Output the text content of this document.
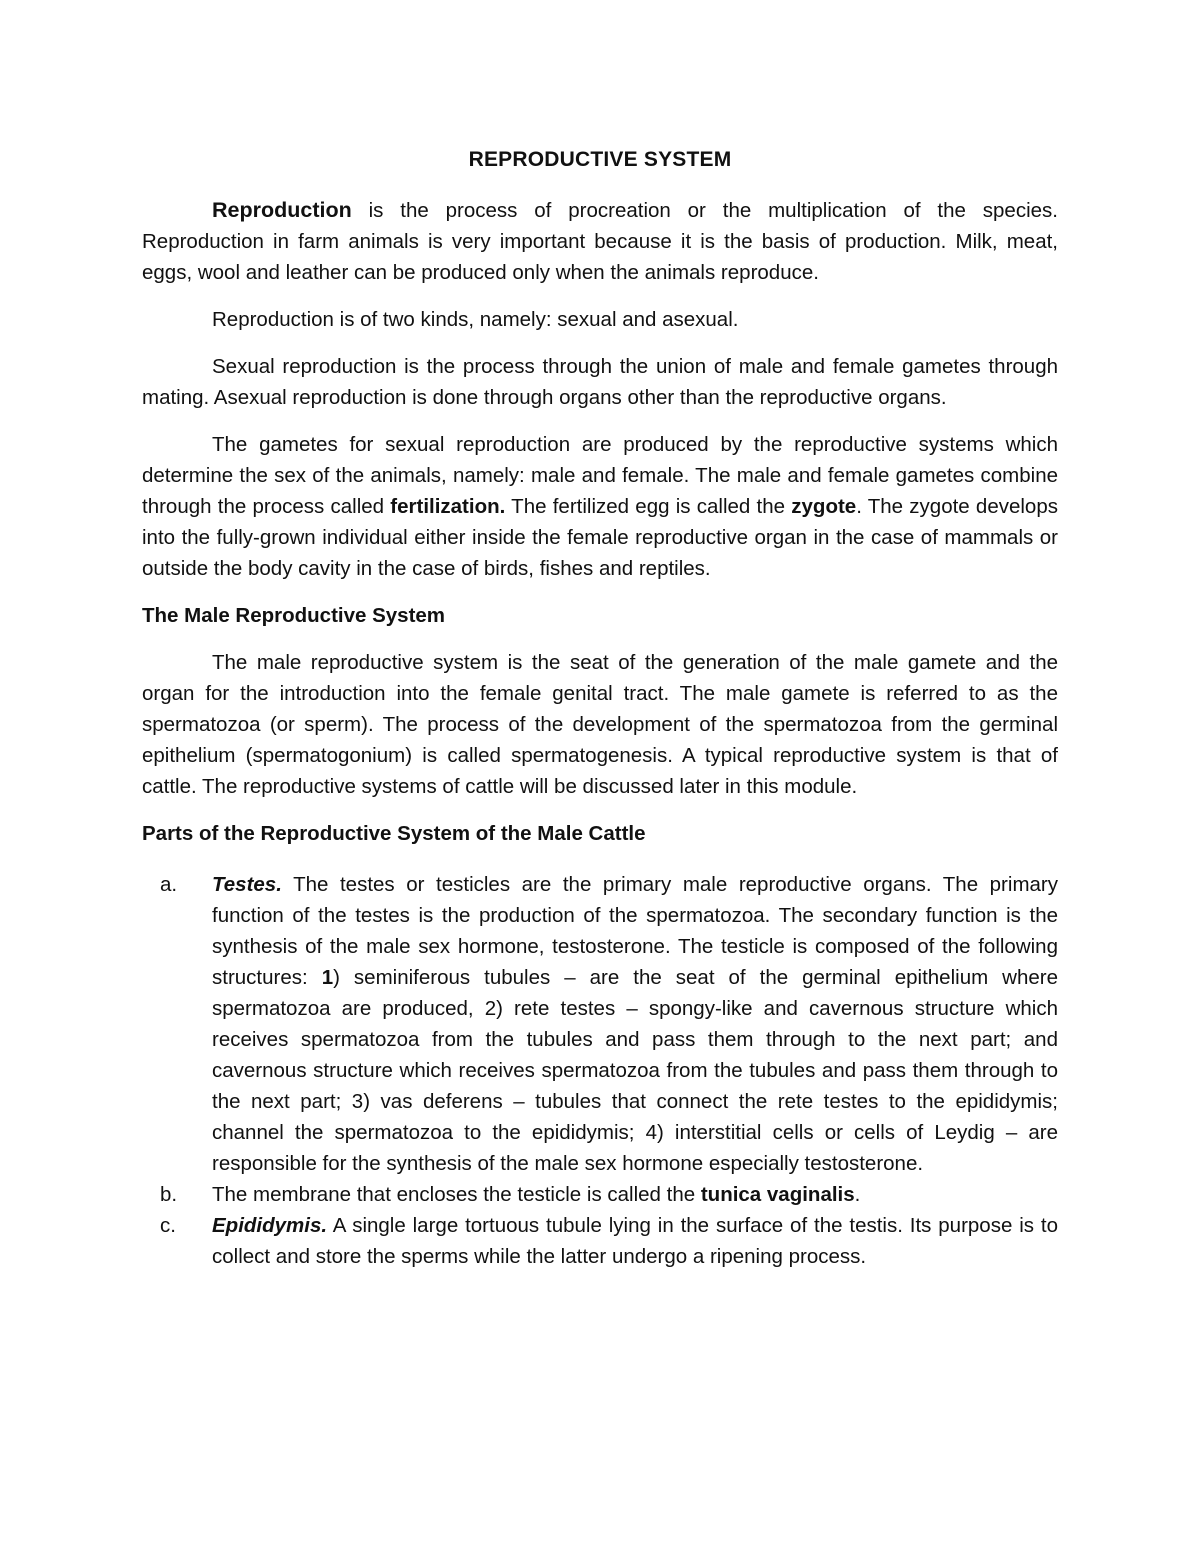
REPRODUCTIVE SYSTEM

Reproduction is the process of procreation or the multiplication of the species. Reproduction in farm animals is very important because it is the basis of production. Milk, meat, eggs, wool and leather can be produced only when the animals reproduce.

Reproduction is of two kinds, namely: sexual and asexual.

Sexual reproduction is the process through the union of male and female gametes through mating. Asexual reproduction is done through organs other than the reproductive organs.

The gametes for sexual reproduction are produced by the reproductive systems which determine the sex of the animals, namely: male and female. The male and female gametes combine through the process called fertilization. The fertilized egg is called the zygote. The zygote develops into the fully-grown individual either inside the female reproductive organ in the case of mammals or outside the body cavity in the case of birds, fishes and reptiles.

The Male Reproductive System

The male reproductive system is the seat of the generation of the male gamete and the organ for the introduction into the female genital tract. The male gamete is referred to as the spermatozoa (or sperm). The process of the development of the spermatozoa from the germinal epithelium (spermatogonium) is called spermatogenesis. A typical reproductive system is that of cattle. The reproductive systems of cattle will be discussed later in this module.

Parts of the Reproductive System of the Male Cattle
a. Testes. The testes or testicles are the primary male reproductive organs. The primary function of the testes is the production of the spermatozoa. The secondary function is the synthesis of the male sex hormone, testosterone. The testicle is composed of the following structures: 1) seminiferous tubules – are the seat of the germinal epithelium where spermatozoa are produced, 2) rete testes – spongy-like and cavernous structure which receives spermatozoa from the tubules and pass them through to the next part; and cavernous structure which receives spermatozoa from the tubules and pass them through to the next part; 3) vas deferens – tubules that connect the rete testes to the epididymis; channel the spermatozoa to the epididymis; 4) interstitial cells or cells of Leydig – are responsible for the synthesis of the male sex hormone especially testosterone.
b. The membrane that encloses the testicle is called the tunica vaginalis.
c. Epididymis. A single large tortuous tubule lying in the surface of the testis. Its purpose is to collect and store the sperms while the latter undergo a ripening process.
